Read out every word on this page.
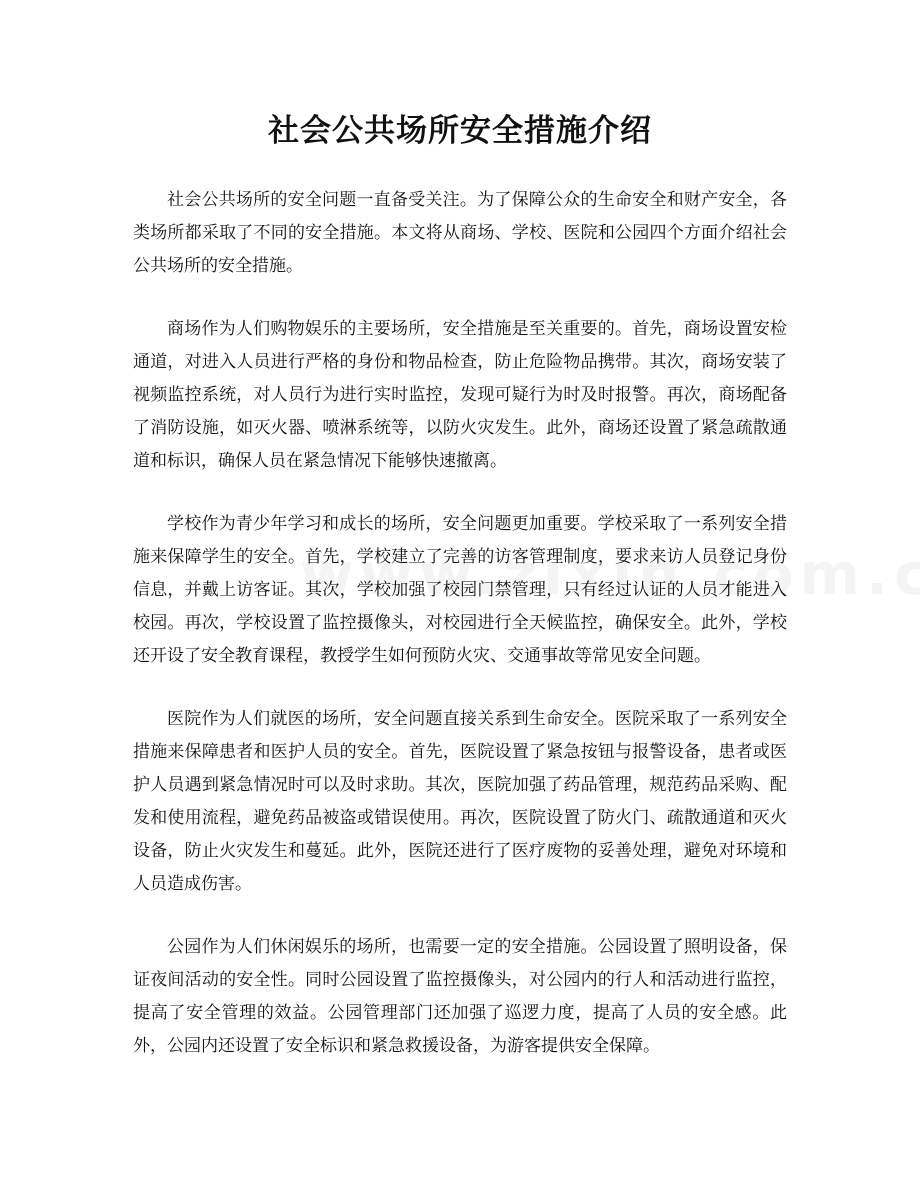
社会公共场所安全措施介绍

社会公共场所的安全问题一直备受关注。为了保障公众的生命安全和财产安全，各类场所都采取了不同的安全措施。本文将从商场、学校、医院和公园四个方面介绍社会公共场所的安全措施。

商场作为人们购物娱乐的主要场所，安全措施是至关重要的。首先，商场设置安检通道，对进入人员进行严格的身份和物品检查，防止危险物品携带。其次，商场安装了视频监控系统，对人员行为进行实时监控，发现可疑行为时及时报警。再次，商场配备了消防设施，如灭火器、喷淋系统等，以防火灾发生。此外，商场还设置了紧急疏散通道和标识，确保人员在紧急情况下能够快速撤离。

学校作为青少年学习和成长的场所，安全问题更加重要。学校采取了一系列安全措施来保障学生的安全。首先，学校建立了完善的访客管理制度，要求来访人员登记身份信息，并戴上访客证。其次，学校加强了校园门禁管理，只有经过认证的人员才能进入校园。再次，学校设置了监控摄像头，对校园进行全天候监控，确保安全。此外，学校还开设了安全教育课程，教授学生如何预防火灾、交通事故等常见安全问题。

医院作为人们就医的场所，安全问题直接关系到生命安全。医院采取了一系列安全措施来保障患者和医护人员的安全。首先，医院设置了紧急按钮与报警设备，患者或医护人员遇到紧急情况时可以及时求助。其次，医院加强了药品管理，规范药品采购、配发和使用流程，避免药品被盗或错误使用。再次，医院设置了防火门、疏散通道和灭火设备，防止火灾发生和蔓延。此外，医院还进行了医疗废物的妥善处理，避免对环境和人员造成伤害。

公园作为人们休闲娱乐的场所，也需要一定的安全措施。公园设置了照明设备，保证夜间活动的安全性。同时公园设置了监控摄像头，对公园内的行人和活动进行监控，提高了安全管理的效益。公园管理部门还加强了巡逻力度，提高了人员的安全感。此外，公园内还设置了安全标识和紧急救援设备，为游客提供安全保障。
